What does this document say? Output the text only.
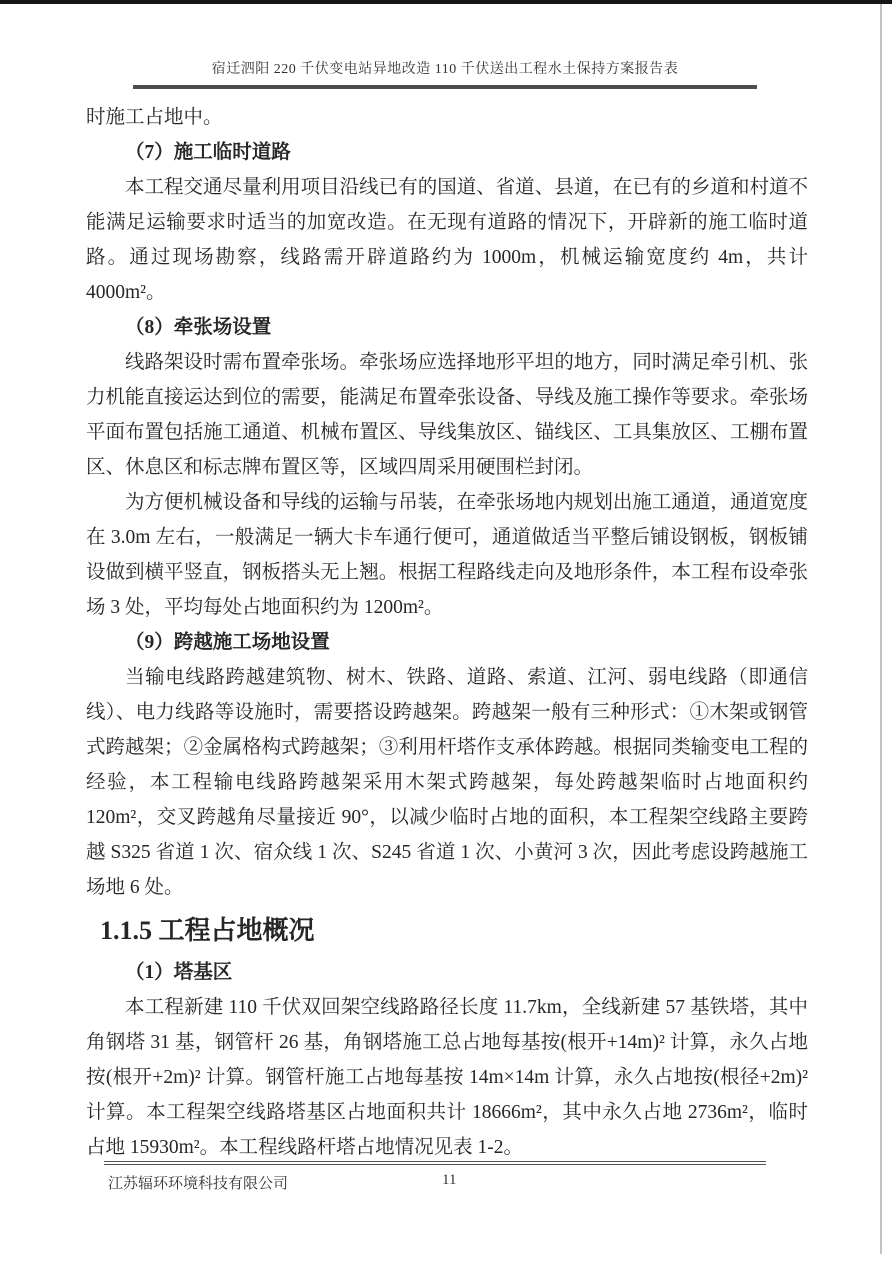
宿迁泗阳 220 千伏变电站异地改造 110 千伏送出工程水土保持方案报告表

时施工占地中。

（7）施工临时道路

本工程交通尽量利用项目沿线已有的国道、省道、县道，在已有的乡道和村道不能满足运输要求时适当的加宽改造。在无现有道路的情况下，开辟新的施工临时道路。通过现场勘察，线路需开辟道路约为 1000m，机械运输宽度约 4m，共计 4000m²。

（8）牵张场设置

线路架设时需布置牵张场。牵张场应选择地形平坦的地方，同时满足牵引机、张力机能直接运达到位的需要，能满足布置牵张设备、导线及施工操作等要求。牵张场平面布置包括施工通道、机械布置区、导线集放区、锚线区、工具集放区、工棚布置区、休息区和标志牌布置区等，区域四周采用硬围栏封闭。

为方便机械设备和导线的运输与吊装，在牵张场地内规划出施工通道，通道宽度在 3.0m 左右，一般满足一辆大卡车通行便可，通道做适当平整后铺设钢板，钢板铺设做到横平竖直，钢板搭头无上翘。根据工程路线走向及地形条件，本工程布设牵张场 3 处，平均每处占地面积约为 1200m²。

（9）跨越施工场地设置

当输电线路跨越建筑物、树木、铁路、道路、索道、江河、弱电线路（即通信线）、电力线路等设施时，需要搭设跨越架。跨越架一般有三种形式：①木架或钢管式跨越架；②金属格构式跨越架；③利用杆塔作支承体跨越。根据同类输变电工程的经验，本工程输电线路跨越架采用木架式跨越架，每处跨越架临时占地面积约 120m²，交叉跨越角尽量接近 90°，以减少临时占地的面积，本工程架空线路主要跨越 S325 省道 1 次、宿众线 1 次、S245 省道 1 次、小黄河 3 次，因此考虑设跨越施工场地 6 处。

1.1.5 工程占地概况

（1）塔基区

本工程新建 110 千伏双回架空线路路径长度 11.7km，全线新建 57 基铁塔，其中角钢塔 31 基，钢管杆 26 基，角钢塔施工总占地每基按(根开+14m)² 计算，永久占地按(根开+2m)² 计算。钢管杆施工占地每基按 14m×14m 计算，永久占地按(根径+2m)² 计算。本工程架空线路塔基区占地面积共计 18666m²，其中永久占地 2736m²，临时占地 15930m²。本工程线路杆塔占地情况见表 1-2。

江苏辐环环境科技有限公司	11
